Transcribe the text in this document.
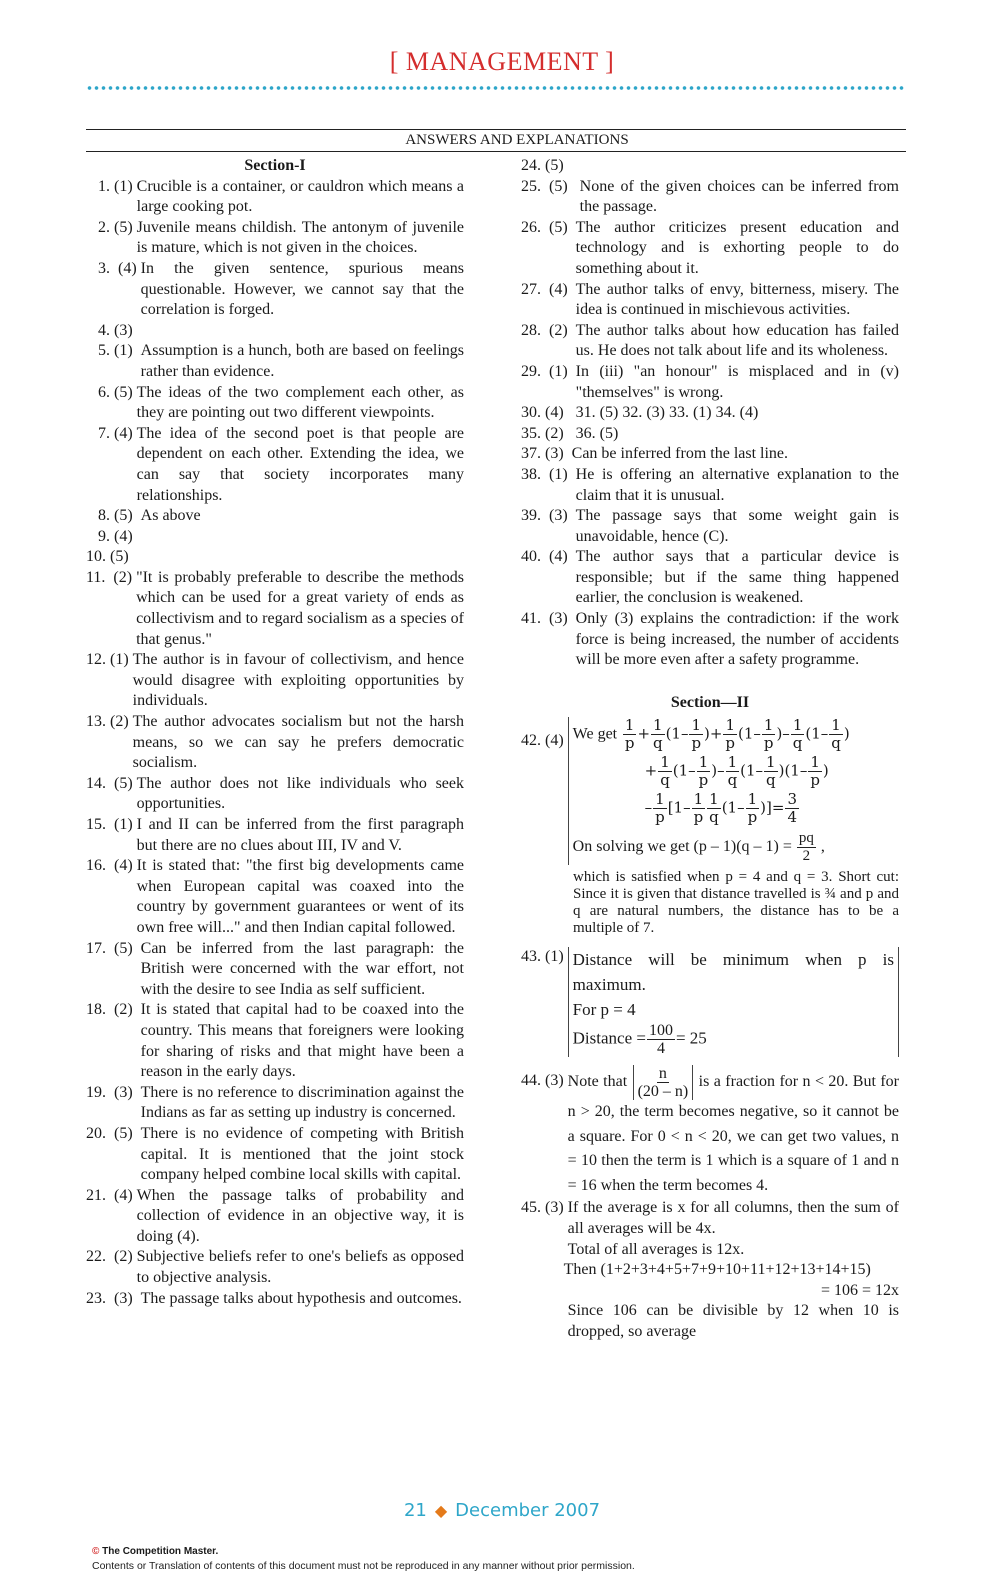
[ MANAGEMENT ]
ANSWERS AND EXPLANATIONS
Section-I
1. (1) Crucible is a container, or cauldron which means a large cooking pot.
2. (5) Juvenile means childish. The antonym of juvenile is mature, which is not given in the choices.
3.  (4) In the given sentence, spurious means questionable. However, we cannot say that the correlation is forged.
4. (3)
5. (1) Assumption is a hunch, both are based on feelings rather than evidence.
6. (5) The ideas of the two complement each other, as they are pointing out two different viewpoints.
7. (4) The idea of the second poet is that people are dependent on each other. Extending the idea, we can say that society incorporates many relationships.
8. (5) As above
9. (4)
10. (5)
11.  (2) "It is probably preferable to describe the methods which can be used for a great variety of ends as collectivism and to regard socialism as a species of that genus."
12. (1) The author is in favour of collectivism, and hence would disagree with exploiting opportunities by individuals.
13. (2) The author advocates socialism but not the harsh means, so we can say he prefers democratic socialism.
14.  (5) The author does not like individuals who seek opportunities.
15.  (1) I and II can be inferred from the first paragraph but there are no clues about III, IV and V.
16.  (4) It is stated that: "the first big developments came when European capital was coaxed into the country by government guarantees or went of its own free will..." and then Indian capital followed.
17.  (5) Can be inferred from the last paragraph: the British were concerned with the war effort, not with the desire to see India as self sufficient.
18.  (2) It is stated that capital had to be coaxed into the country. This means that foreigners were looking for sharing of risks and that might have been a reason in the early days.
19.  (3) There is no reference to discrimination against the Indians as far as setting up industry is concerned.
20.  (5) There is no evidence of competing with British capital. It is mentioned that the joint stock company helped combine local skills with capital.
21.  (4) When the passage talks of probability and collection of evidence in an objective way, it is doing (4).
22.  (2) Subjective beliefs refer to one's beliefs as opposed to objective analysis.
23.  (3) The passage talks about hypothesis and outcomes.
24. (5)
25.  (5) None of the given choices can be inferred from the passage.
26.  (5) The author criticizes present education and technology and is exhorting people to do something about it.
27.  (4) The author talks of envy, bitterness, misery. The idea is continued in mischievous activities.
28.  (2) The author talks about how education has failed us. He does not talk about life and its wholeness.
29.  (1) In (iii) "an honour" is misplaced and in (v) "themselves" is wrong.
30. (4) 31. (5) 32. (3) 33. (1) 34. (4)
35. (2) 36. (5)
37. (3) Can be inferred from the last line.
38.  (1) He is offering an alternative explanation to the claim that it is unusual.
39.  (3) The passage says that some weight gain is unavoidable, hence (C).
40.  (4) The author says that a particular device is responsible; but if the same thing happened earlier, the conclusion is weakened.
41.  (3) Only (3) explains the contradiction: if the work force is being increased, the number of accidents will be more even after a safety programme.
Section—II
42. (4) We get $\frac{1}{p} + \frac{1}{q} (1- \frac{1}{p}$ )+ $\frac{1}{p} (1- \frac{1}{p}$ )– $\frac{1}{q} (1- \frac{1}{q}$ )
+ $\frac{1}{q} (1- \frac{1}{p}$ )– $\frac{1}{q} (1- \frac{1}{q} )(1- \frac{1}{p}$ )
– $\frac{1}{p} [1- \frac{1}{p} \frac{1}{q} (1- \frac{1}{p}$ )]= $\frac{3}{4}$
On solving we get $(p - 1)(q - 1) = \frac{pq}{2}$ ,
which is satisfied when p = 4 and q = 3. Short cut: Since it is given that distance travelled is ¾ and p and q are natural numbers, the distance has to be a multiple of 7.
43. (1) Distance will be minimum when p is maximum.
For p = 4
Distance = $\frac{100}{4} = 25$
44. (3) Note that $\frac{n}{(20 - n)}$ is a fraction for n < 20. But for n > 20, the term becomes negative, so it cannot be a square. For 0 < n < 20, we can get two values, n = 10 then the term is 1 which is a square of 1 and n = 16 when the term becomes 4.
45. (3) If the average is x for all columns, then the sum of all averages will be 4x.
Total of all averages is 12x.
Then (1+2+3+4+5+7+9+10+11+12+13+14+15)
= 106 = 12x
Since 106 can be divisible by 12 when 10 is dropped, so average
21 ◆ December 2007
© The Competition Master.
Contents or Translation of contents of this document must not be reproduced in any manner without prior permission.
